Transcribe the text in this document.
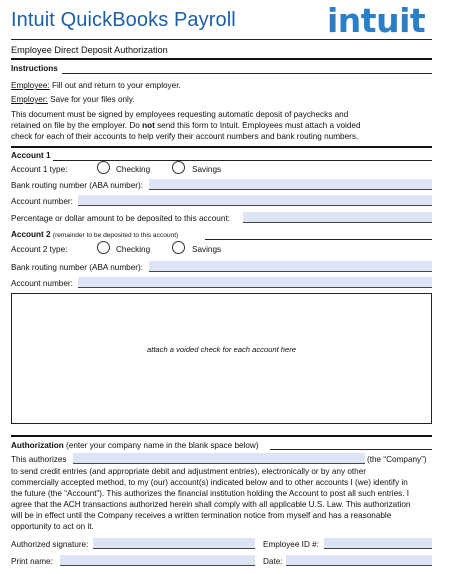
Intuit QuickBooks Payroll	intuit
Employee Direct Deposit Authorization
Instructions
Employee: Fill out and return to your employer.
Employer: Save for your files only.
This document must be signed by employees requesting automatic deposit of paychecks and
retained on file by the employer. Do not send this form to Intuit. Employees must attach a voided
check for each of their accounts to help verify their account numbers and bank routing numbers.
Account 1
Account 1 type:	Checking	Savings
Bank routing number (ABA number):
Account number:
Percentage or dollar amount to be deposited to this account:
Account 2 (remainder to be deposited to this account)
Account 2 type:	Checking	Savings
Bank routing number (ABA number):
Account number:
attach a voided check for each account here
Authorization (enter your company name in the blank space below)
This authorizes	(the “Company”)
to send credit entries (and appropriate debit and adjustment entries), electronically or by any other
commercially accepted method, to my (our) account(s) indicated below and to other accounts I (we) identify in
the future (the “Account”). This authorizes the financial institution holding the Account to post all such entries. I
agree that the ACH transactions authorized herein shall comply with all applicable U.S. Law. This authorization
will be in effect until the Company receives a written termination notice from myself and has a reasonable
opportunity to act on it.
Authorized signature:	Employee ID #:
Print name:	Date:
